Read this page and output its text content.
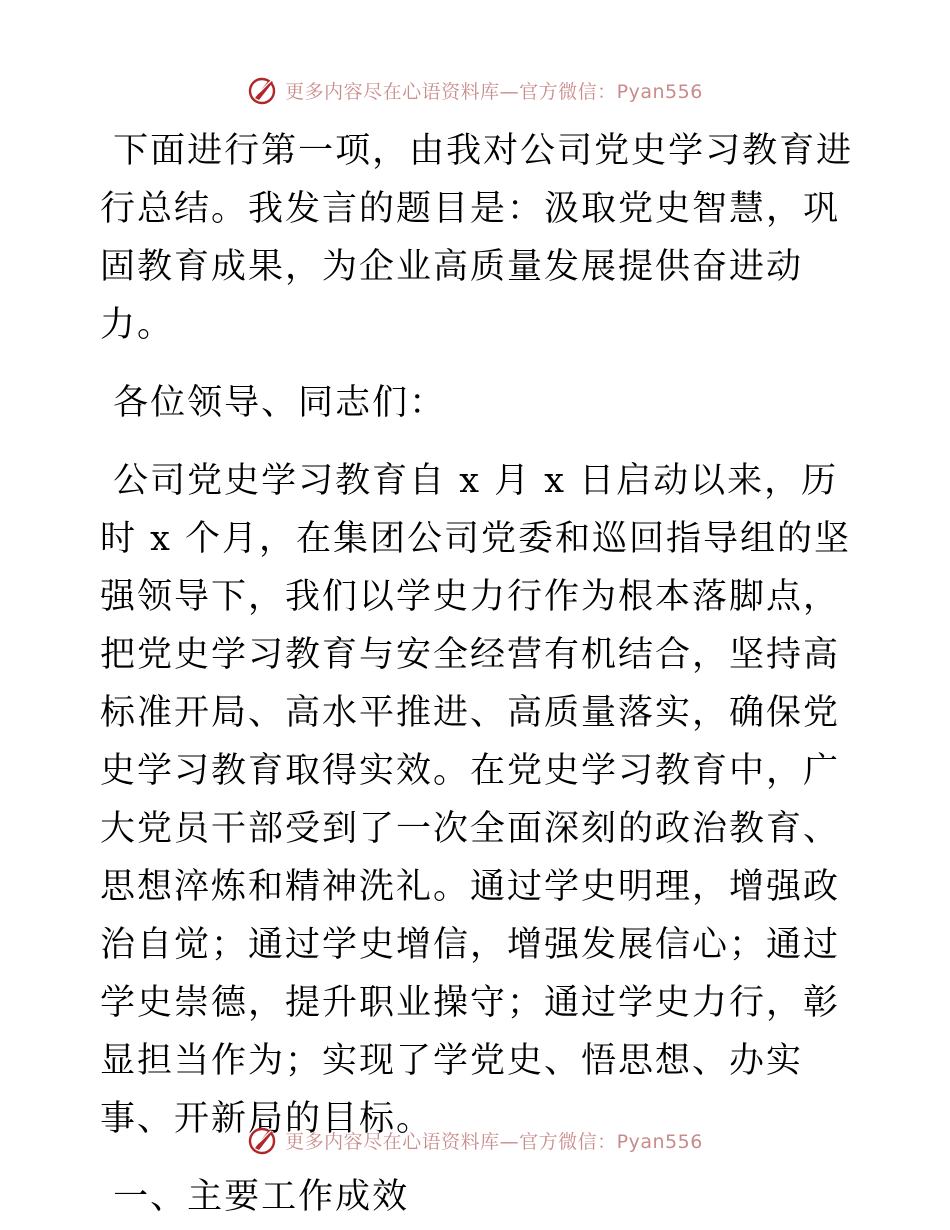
更多内容尽在心语资料库—官方微信：Pyan556

下面进行第一项，由我对公司党史学习教育进行总结。我发言的题目是：汲取党史智慧，巩固教育成果，为企业高质量发展提供奋进动力。

各位领导、同志们：

公司党史学习教育自 x 月 x 日启动以来，历时 x 个月，在集团公司党委和巡回指导组的坚强领导下，我们以学史力行作为根本落脚点，把党史学习教育与安全经营有机结合，坚持高标准开局、高水平推进、高质量落实，确保党史学习教育取得实效。在党史学习教育中，广大党员干部受到了一次全面深刻的政治教育、思想淬炼和精神洗礼。通过学史明理，增强政治自觉；通过学史增信，增强发展信心；通过学史崇德，提升职业操守；通过学史力行，彰显担当作为；实现了学党史、悟思想、办实事、开新局的目标。

一、主要工作成效

更多内容尽在心语资料库—官方微信：Pyan556
